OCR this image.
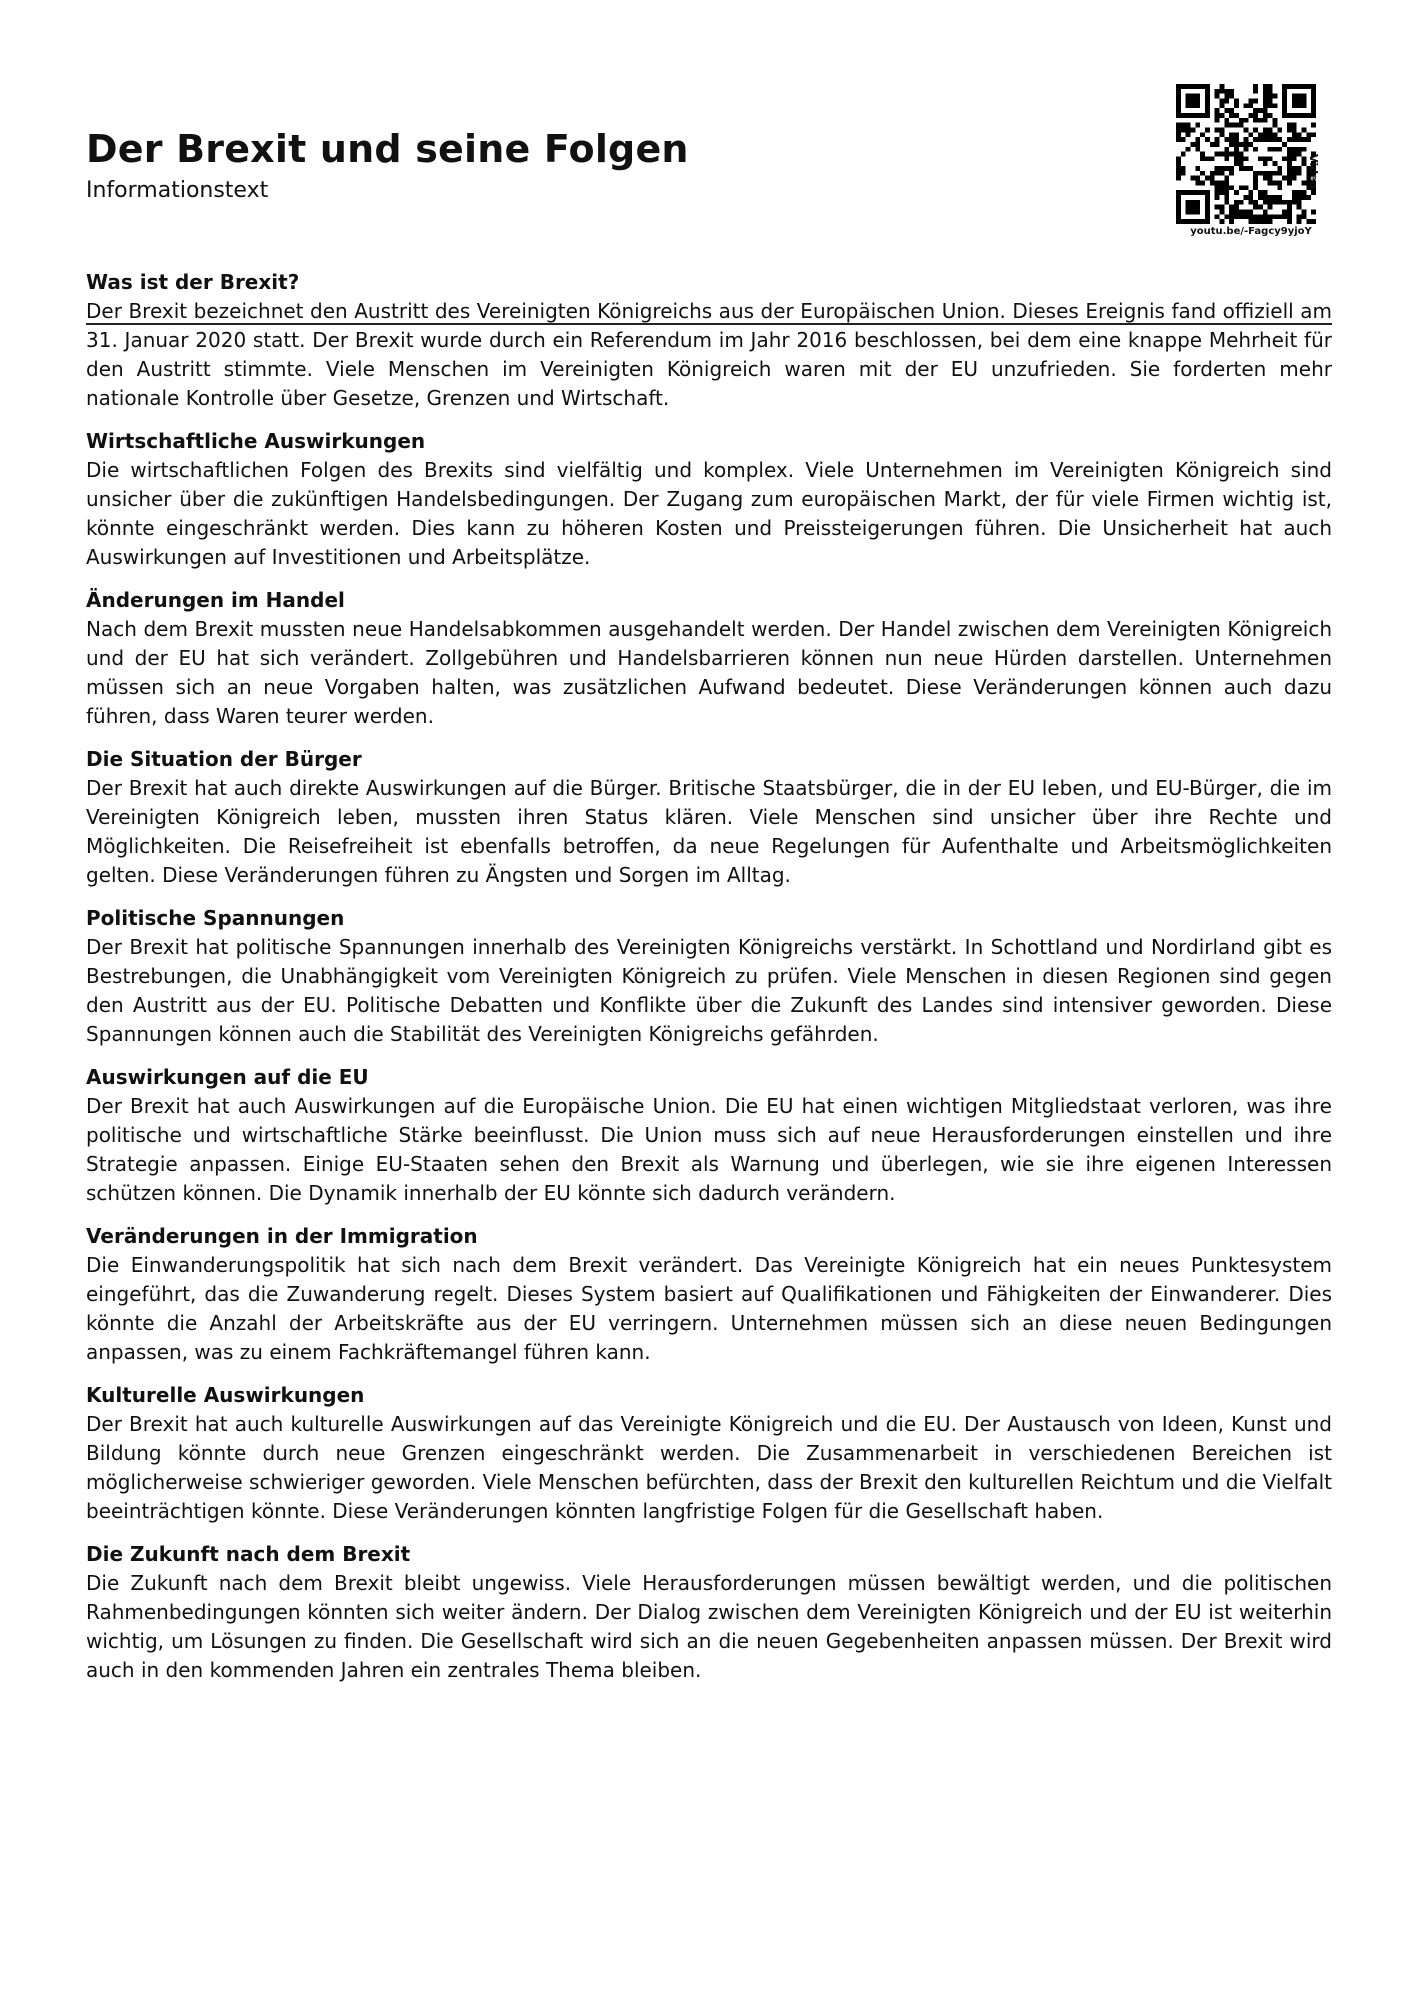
Der Brexit und seine Folgen
Informationstext
Video
youtu.be/-Fagcy9yjoY
Was ist der Brexit?

Der Brexit bezeichnet den Austritt des Vereinigten Königreichs aus der Europäischen Union. Dieses Ereignis fand offiziell am 31. Januar 2020 statt. Der Brexit wurde durch ein Referendum im Jahr 2016 beschlossen, bei dem eine knappe Mehrheit für den Austritt stimmte. Viele Menschen im Vereinigten Königreich waren mit der EU unzufrieden. Sie forderten mehr nationale Kontrolle über Gesetze, Grenzen und Wirtschaft.

Wirtschaftliche Auswirkungen

Die wirtschaftlichen Folgen des Brexits sind vielfältig und komplex. Viele Unternehmen im Vereinigten Königreich sind unsicher über die zukünftigen Handelsbedingungen. Der Zugang zum europäischen Markt, der für viele Firmen wichtig ist, könnte eingeschränkt werden. Dies kann zu höheren Kosten und Preissteigerungen führen. Die Unsicherheit hat auch Auswirkungen auf Investitionen und Arbeitsplätze.

Änderungen im Handel

Nach dem Brexit mussten neue Handelsabkommen ausgehandelt werden. Der Handel zwischen dem Vereinigten Königreich und der EU hat sich verändert. Zollgebühren und Handelsbarrieren können nun neue Hürden darstellen. Unternehmen müssen sich an neue Vorgaben halten, was zusätzlichen Aufwand bedeutet. Diese Veränderungen können auch dazu führen, dass Waren teurer werden.

Die Situation der Bürger

Der Brexit hat auch direkte Auswirkungen auf die Bürger. Britische Staatsbürger, die in der EU leben, und EU-Bürger, die im Vereinigten Königreich leben, mussten ihren Status klären. Viele Menschen sind unsicher über ihre Rechte und Möglichkeiten. Die Reisefreiheit ist ebenfalls betroffen, da neue Regelungen für Aufenthalte und Arbeitsmöglichkeiten gelten. Diese Veränderungen führen zu Ängsten und Sorgen im Alltag.

Politische Spannungen

Der Brexit hat politische Spannungen innerhalb des Vereinigten Königreichs verstärkt. In Schottland und Nordirland gibt es Bestrebungen, die Unabhängigkeit vom Vereinigten Königreich zu prüfen. Viele Menschen in diesen Regionen sind gegen den Austritt aus der EU. Politische Debatten und Konflikte über die Zukunft des Landes sind intensiver geworden. Diese Spannungen können auch die Stabilität des Vereinigten Königreichs gefährden.

Auswirkungen auf die EU

Der Brexit hat auch Auswirkungen auf die Europäische Union. Die EU hat einen wichtigen Mitgliedstaat verloren, was ihre politische und wirtschaftliche Stärke beeinflusst. Die Union muss sich auf neue Herausforderungen einstellen und ihre Strategie anpassen. Einige EU-Staaten sehen den Brexit als Warnung und überlegen, wie sie ihre eigenen Interessen schützen können. Die Dynamik innerhalb der EU könnte sich dadurch verändern.

Veränderungen in der Immigration

Die Einwanderungspolitik hat sich nach dem Brexit verändert. Das Vereinigte Königreich hat ein neues Punktesystem eingeführt, das die Zuwanderung regelt. Dieses System basiert auf Qualifikationen und Fähigkeiten der Einwanderer. Dies könnte die Anzahl der Arbeitskräfte aus der EU verringern. Unternehmen müssen sich an diese neuen Bedingungen anpassen, was zu einem Fachkräftemangel führen kann.

Kulturelle Auswirkungen

Der Brexit hat auch kulturelle Auswirkungen auf das Vereinigte Königreich und die EU. Der Austausch von Ideen, Kunst und Bildung könnte durch neue Grenzen eingeschränkt werden. Die Zusammenarbeit in verschiedenen Bereichen ist möglicherweise schwieriger geworden. Viele Menschen befürchten, dass der Brexit den kulturellen Reichtum und die Vielfalt beeinträchtigen könnte. Diese Veränderungen könnten langfristige Folgen für die Gesellschaft haben.

Die Zukunft nach dem Brexit

Die Zukunft nach dem Brexit bleibt ungewiss. Viele Herausforderungen müssen bewältigt werden, und die politischen Rahmenbedingungen könnten sich weiter ändern. Der Dialog zwischen dem Vereinigten Königreich und der EU ist weiterhin wichtig, um Lösungen zu finden. Die Gesellschaft wird sich an die neuen Gegebenheiten anpassen müssen. Der Brexit wird auch in den kommenden Jahren ein zentrales Thema bleiben.
